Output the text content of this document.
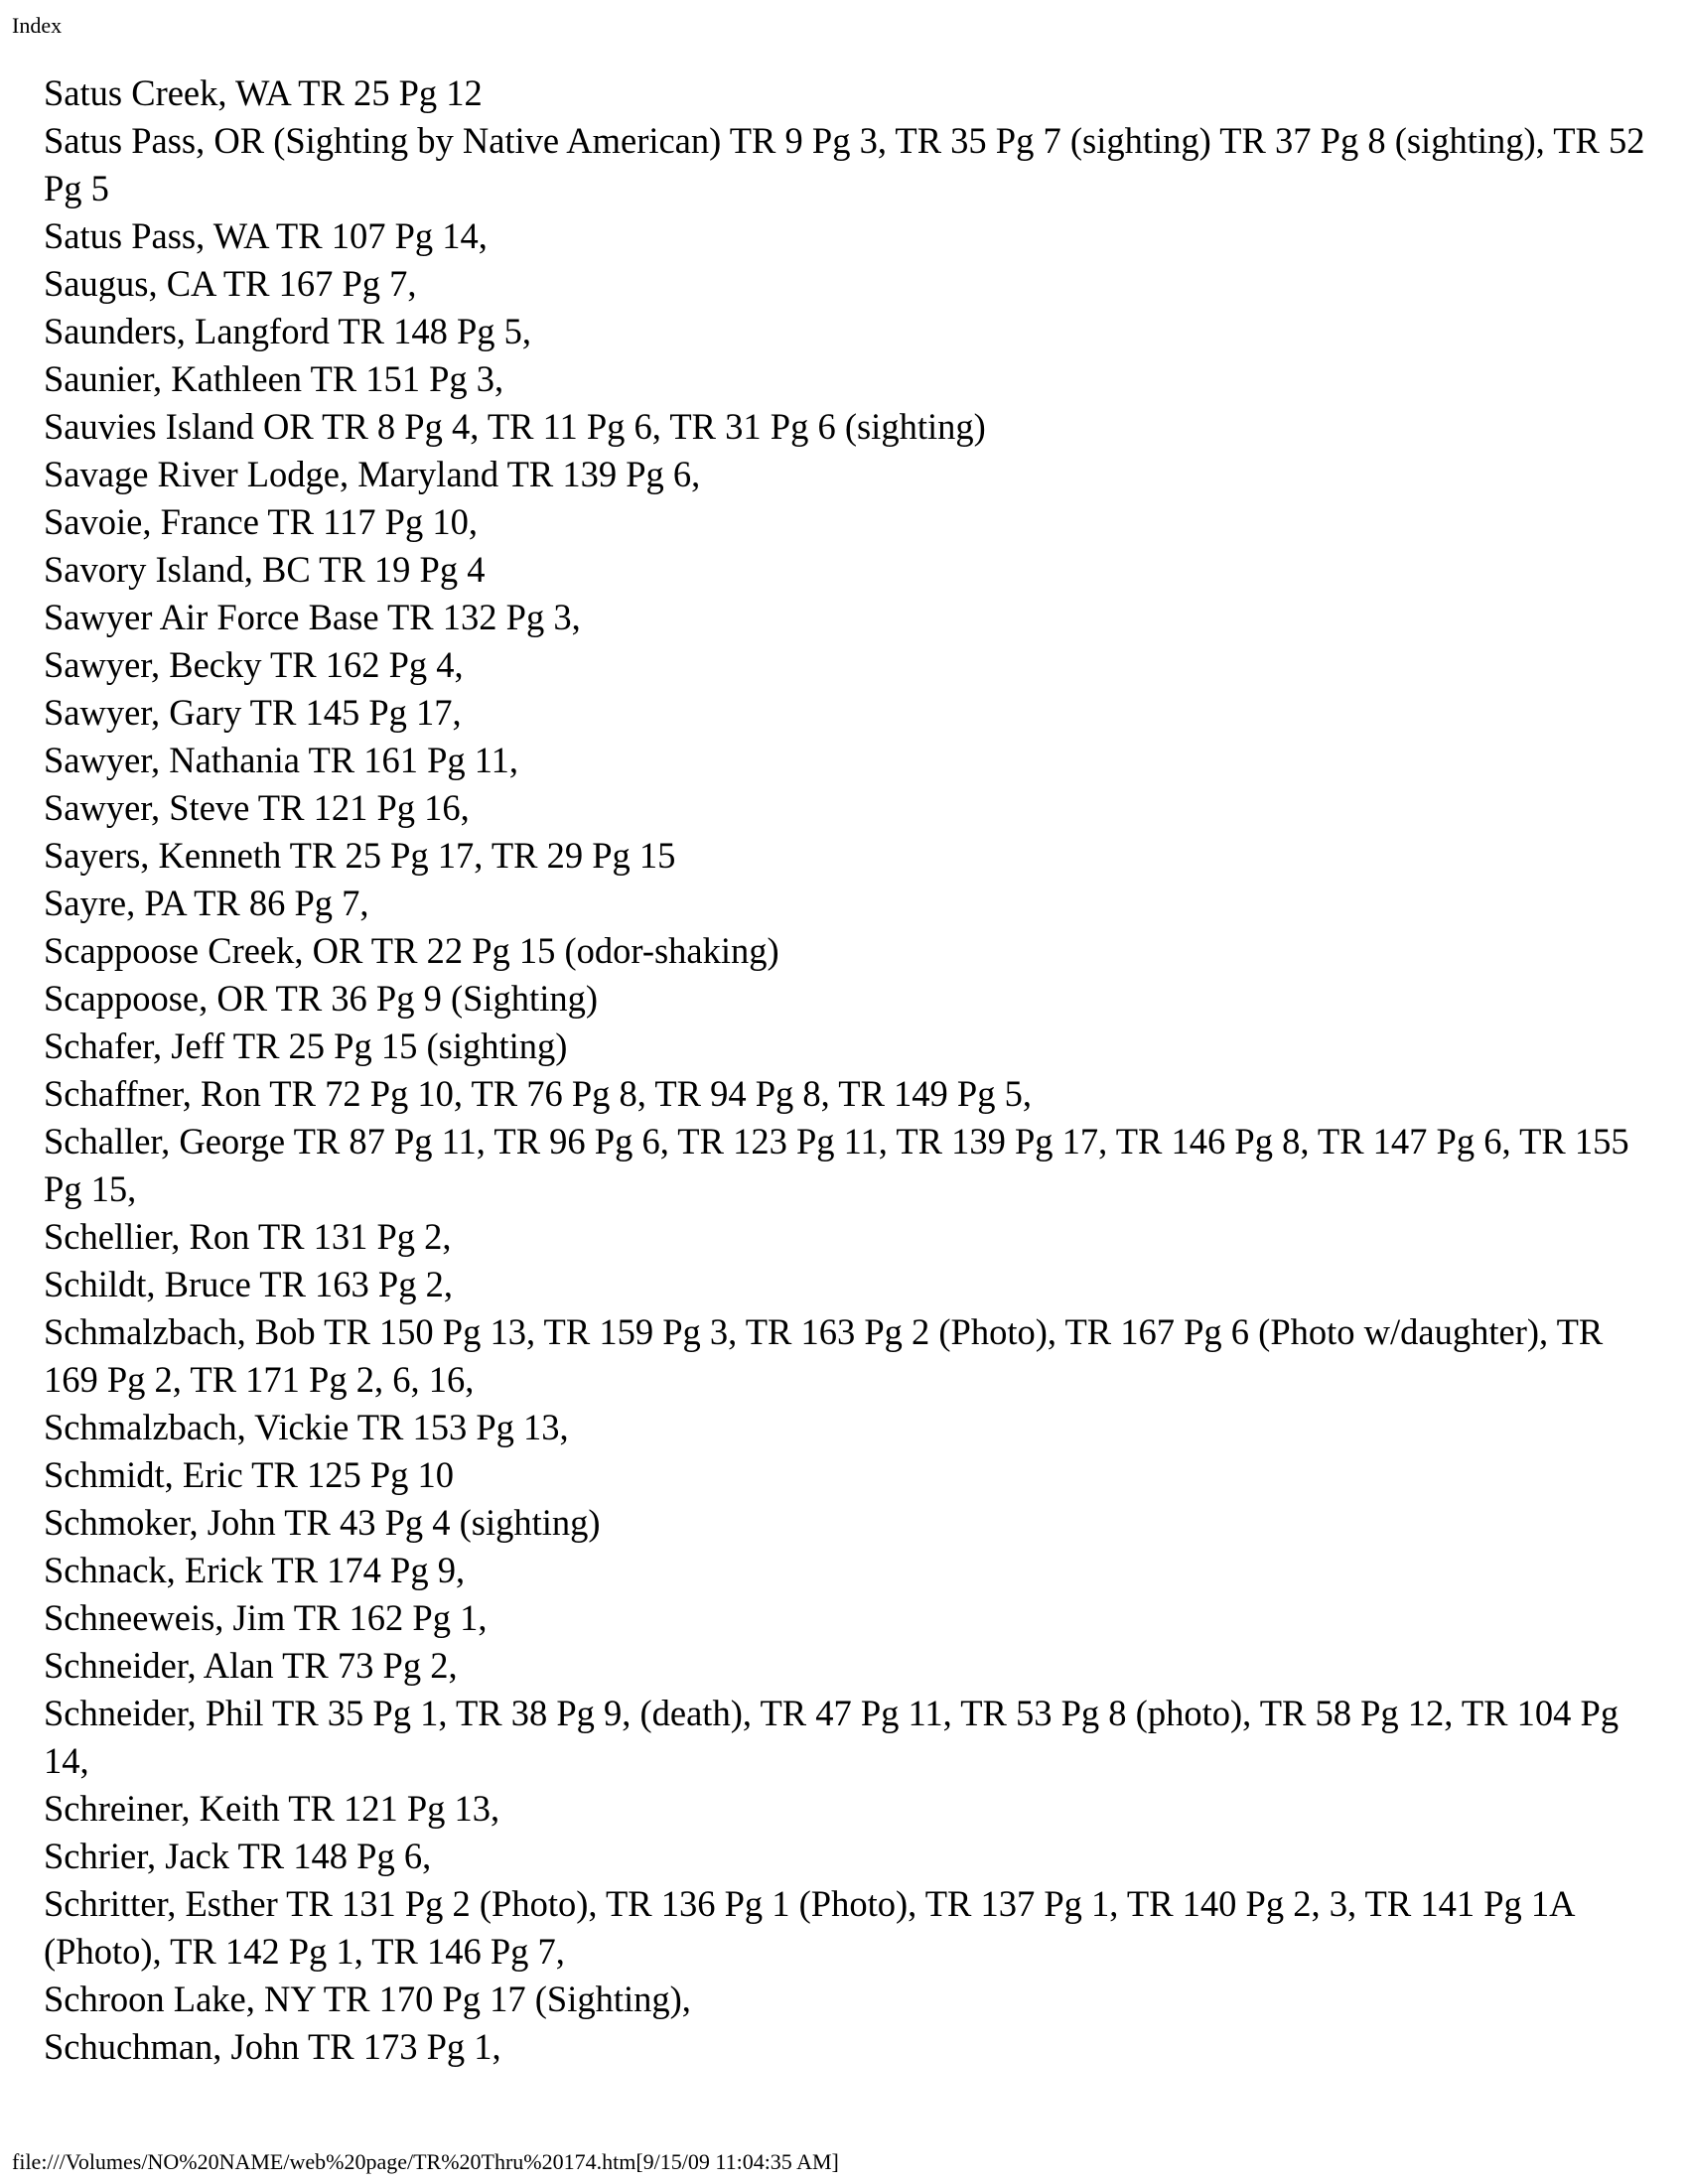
Index
Satus Creek, WA TR 25 Pg 12
Satus Pass, OR (Sighting by Native American) TR 9 Pg 3, TR 35 Pg 7 (sighting) TR 37 Pg 8 (sighting), TR 52 Pg 5
Satus Pass, WA TR 107 Pg 14,
Saugus, CA TR 167 Pg 7,
Saunders, Langford TR 148 Pg 5,
Saunier, Kathleen TR 151 Pg 3,
Sauvies Island OR TR 8 Pg 4, TR 11 Pg 6, TR 31 Pg 6 (sighting)
Savage River Lodge, Maryland TR 139 Pg 6,
Savoie, France TR 117 Pg 10,
Savory Island, BC TR 19 Pg 4
Sawyer Air Force Base TR 132 Pg 3,
Sawyer, Becky TR 162 Pg 4,
Sawyer, Gary TR 145 Pg 17,
Sawyer, Nathania TR 161 Pg 11,
Sawyer, Steve TR 121 Pg 16,
Sayers, Kenneth TR 25 Pg 17, TR 29 Pg 15
Sayre, PA TR 86 Pg 7,
Scappoose Creek, OR TR 22 Pg 15 (odor-shaking)
Scappoose, OR TR 36 Pg 9 (Sighting)
Schafer, Jeff TR 25 Pg 15 (sighting)
Schaffner, Ron TR 72 Pg 10, TR 76 Pg 8, TR 94 Pg 8, TR 149 Pg 5,
Schaller, George TR 87 Pg 11, TR 96 Pg 6, TR 123 Pg 11, TR 139 Pg 17, TR 146 Pg 8, TR 147 Pg 6, TR 155 Pg 15,
Schellier, Ron TR 131 Pg 2,
Schildt, Bruce TR 163 Pg 2,
Schmalzbach, Bob TR 150 Pg 13, TR 159 Pg 3, TR 163 Pg 2 (Photo), TR 167 Pg 6 (Photo w/daughter), TR 169 Pg 2, TR 171 Pg 2, 6, 16,
Schmalzbach, Vickie TR 153 Pg 13,
Schmidt, Eric TR 125 Pg 10
Schmoker, John TR 43 Pg 4 (sighting)
Schnack, Erick TR 174 Pg 9,
Schneeweis, Jim TR 162 Pg 1,
Schneider, Alan TR 73 Pg 2,
Schneider, Phil TR 35 Pg 1, TR 38 Pg 9, (death), TR 47 Pg 11, TR 53 Pg 8 (photo), TR 58 Pg 12, TR 104 Pg 14,
Schreiner, Keith TR 121 Pg 13,
Schrier, Jack TR 148 Pg 6,
Schritter, Esther TR 131 Pg 2 (Photo), TR 136 Pg 1 (Photo), TR 137 Pg 1, TR 140 Pg 2, 3, TR 141 Pg 1A (Photo), TR 142 Pg 1, TR 146 Pg 7,
Schroon Lake, NY TR 170 Pg 17 (Sighting),
Schuchman, John TR 173 Pg 1,
file:///Volumes/NO%20NAME/web%20page/TR%20Thru%20174.htm[9/15/09 11:04:35 AM]
